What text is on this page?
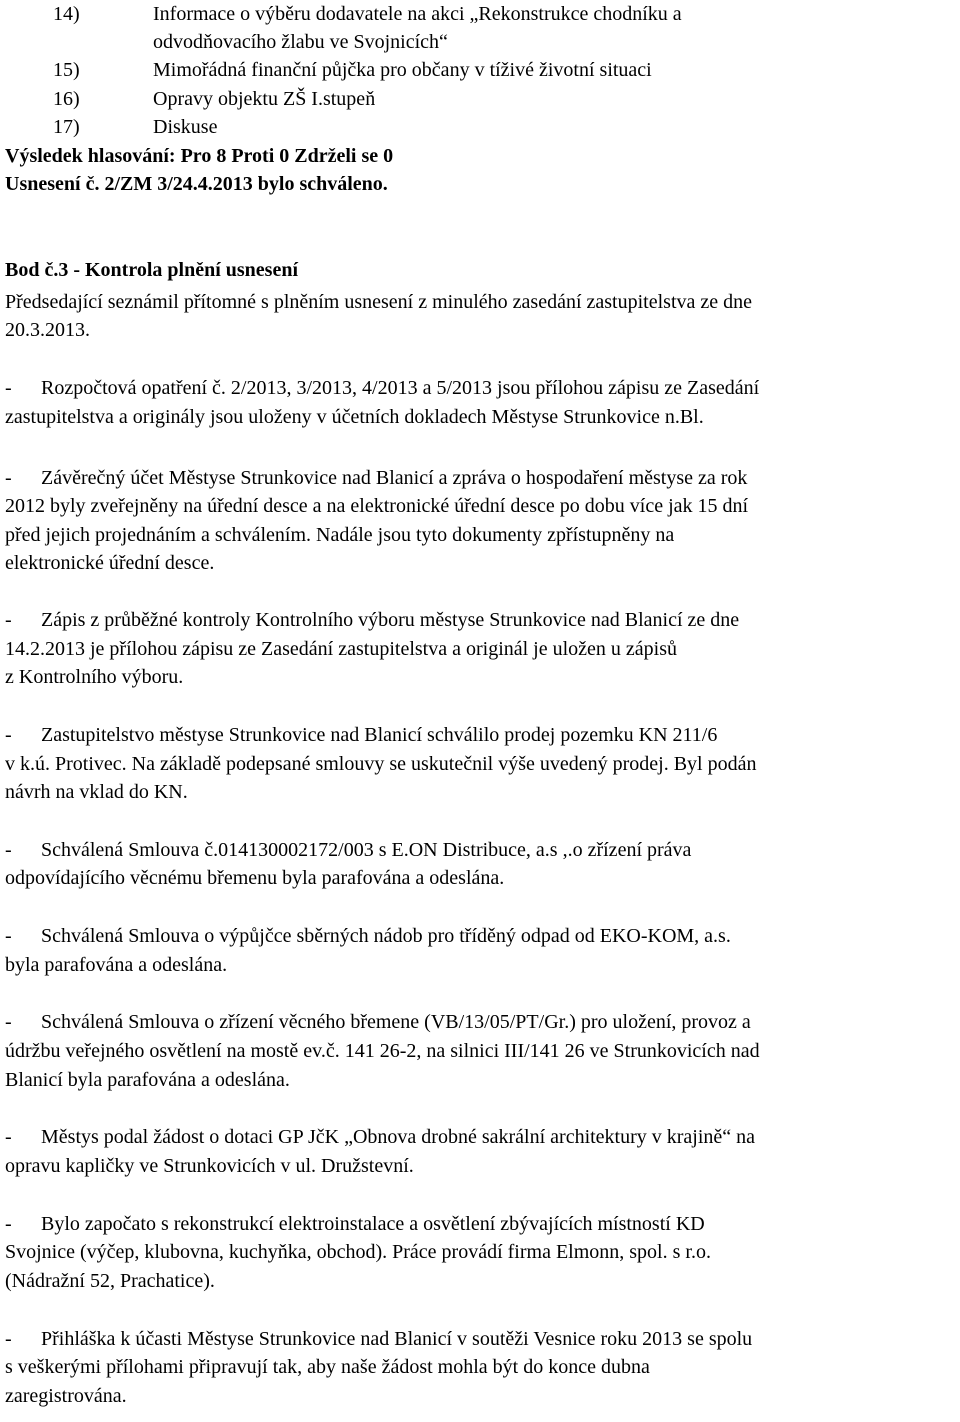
14)	Informace o výběru dodavatele na akci „Rekonstrukce chodníku a
odvodňovacího žlabu ve Svojnicích“
15)	Mimořádná finanční půjčka pro občany v tíživé životní situaci
16)	Opravy objektu ZŠ I.stupeň
17)	Diskuse
Výsledek hlasování: Pro 8 Proti 0 Zdrželi se 0
Usnesení č. 2/ZM 3/24.4.2013 bylo schváleno.
Bod č.3 - Kontrola plnění usnesení
Předsedající seznámil přítomné s plněním usnesení z minulého zasedání zastupitelstva ze dne
20.3.2013.
- Rozpočtová opatření č. 2/2013, 3/2013, 4/2013 a 5/2013 jsou přílohou zápisu ze Zasedání
zastupitelstva a originály jsou uloženy v účetních dokladech Městyse Strunkovice n.Bl.
- Závěrečný účet Městyse Strunkovice nad Blanicí a zpráva o hospodaření městyse za rok
2012 byly zveřejněny na úřední desce a na elektronické úřední desce po dobu více jak 15 dní
před jejich projednáním a schválením. Nadále jsou tyto dokumenty zpřístupněny na
elektronické úřední desce.
- Zápis z průběžné kontroly Kontrolního výboru městyse Strunkovice nad Blanicí ze dne
14.2.2013 je přílohou zápisu ze Zasedání zastupitelstva a originál je uložen u zápisů
z Kontrolního výboru.
- Zastupitelstvo městyse Strunkovice nad Blanicí schválilo prodej pozemku KN 211/6
v k.ú. Protivec. Na základě podepsané smlouvy se uskutečnil výše uvedený prodej. Byl podán
návrh na vklad do KN.
- Schválená Smlouva č.014130002172/003 s E.ON Distribuce, a.s ,.o zřízení práva
odpovídajícího věcnému břemenu byla parafována a odeslána.
- Schválená Smlouva o výpůjčce sběrných nádob pro tříděný odpad od EKO-KOM, a.s.
byla parafována a odeslána.
- Schválená Smlouva o zřízení věcného břemene (VB/13/05/PT/Gr.) pro uložení, provoz a
údržbu veřejného osvětlení na mostě ev.č. 141 26-2, na silnici III/141 26 ve Strunkovicích nad
Blanicí byla parafována a odeslána.
- Městys podal žádost o dotaci GP JčK „Obnova drobné sakrální architektury v krajině“ na
opravu kapličky ve Strunkovicích v ul. Družstevní.
- Bylo započato s rekonstrukcí elektroinstalace a osvětlení zbývajících místností KD
Svojnice (výčep, klubovna, kuchyňka, obchod). Práce provádí firma Elmonn, spol. s r.o.
(Nádražní 52, Prachatice).
- Přihláška k účasti Městyse Strunkovice nad Blanicí v soutěži Vesnice roku 2013 se spolu
s veškerými přílohami připravují tak, aby naše žádost mohla být do konce dubna
zaregistrována.
